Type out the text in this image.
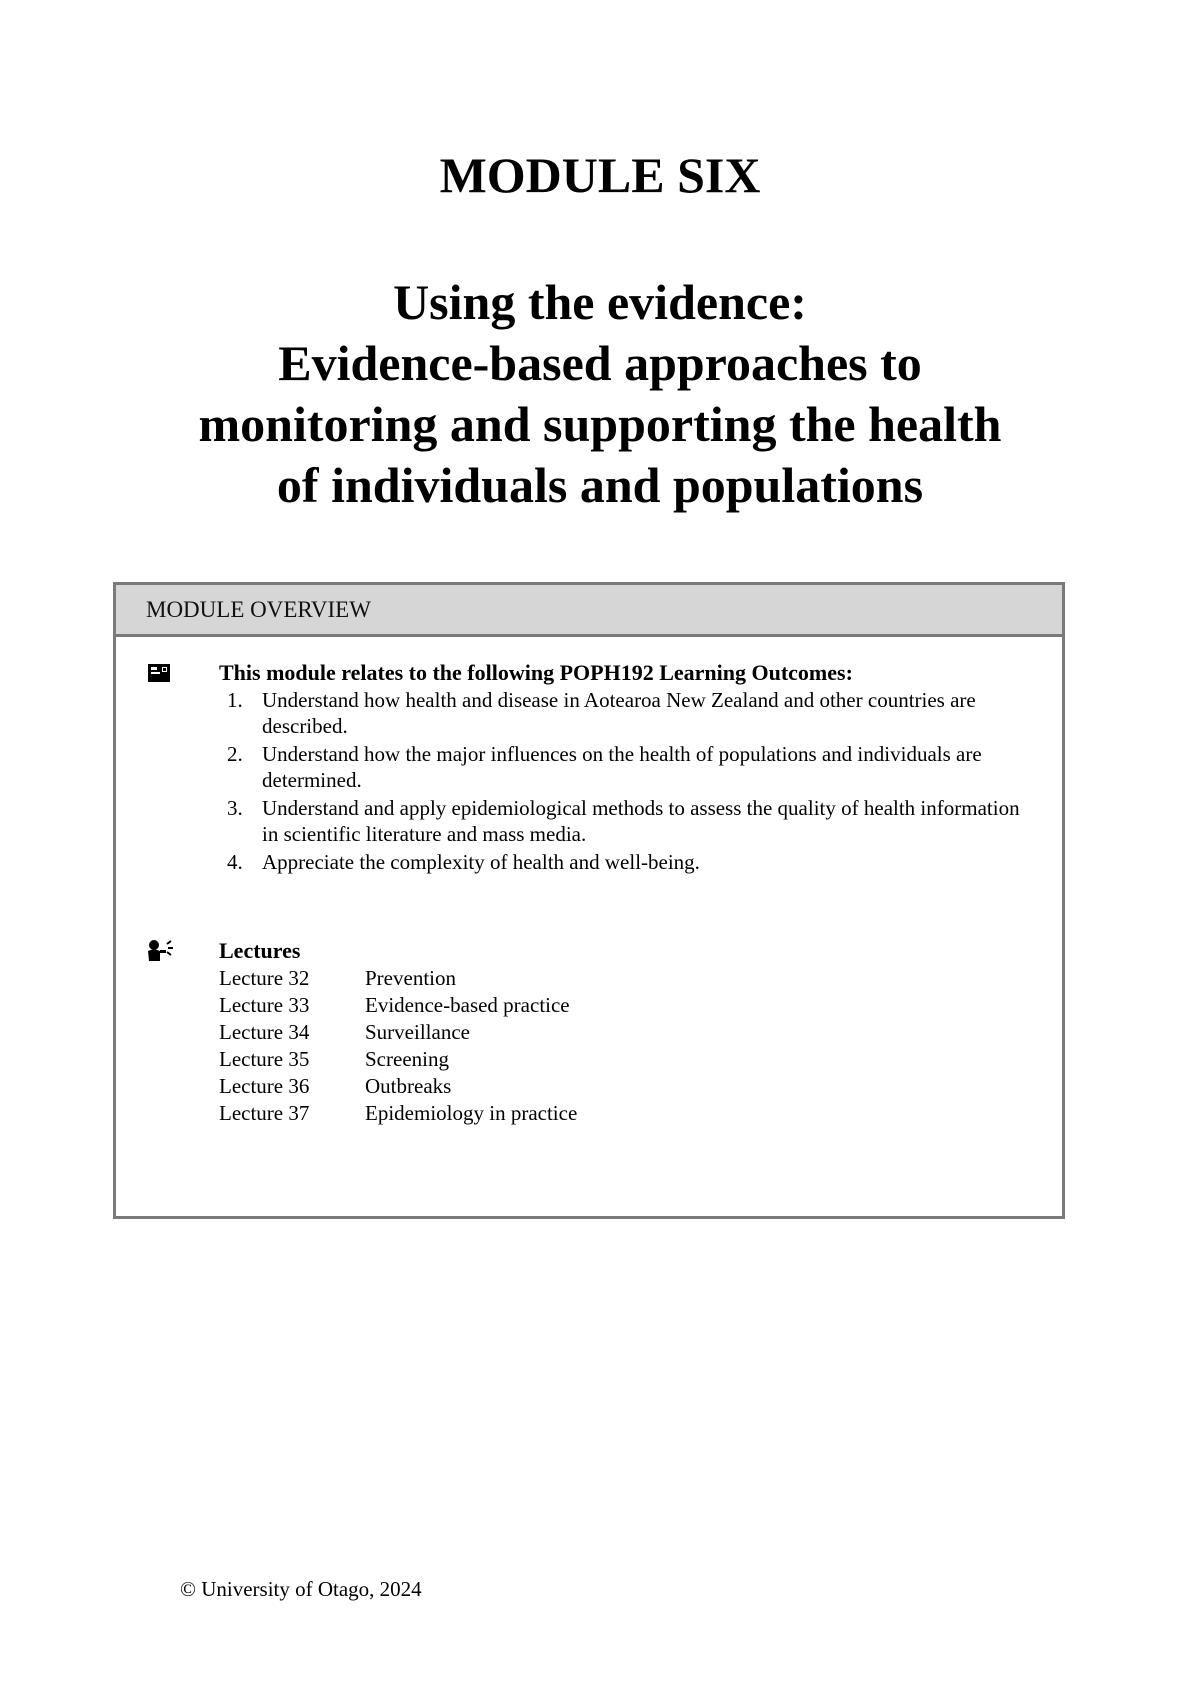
MODULE SIX
Using the evidence:
Evidence-based approaches to
monitoring and supporting the health
of individuals and populations
MODULE OVERVIEW

This module relates to the following POPH192 Learning Outcomes:

1. Understand how health and disease in Aotearoa New Zealand and other countries are described.
2. Understand how the major influences on the health of populations and individuals are determined.
3. Understand and apply epidemiological methods to assess the quality of health information in scientific literature and mass media.
4. Appreciate the complexity of health and well-being.

Lectures

Lecture 32	Prevention
Lecture 33	Evidence-based practice
Lecture 34	Surveillance
Lecture 35	Screening
Lecture 36	Outbreaks
Lecture 37	Epidemiology in practice
© University of Otago, 2024
